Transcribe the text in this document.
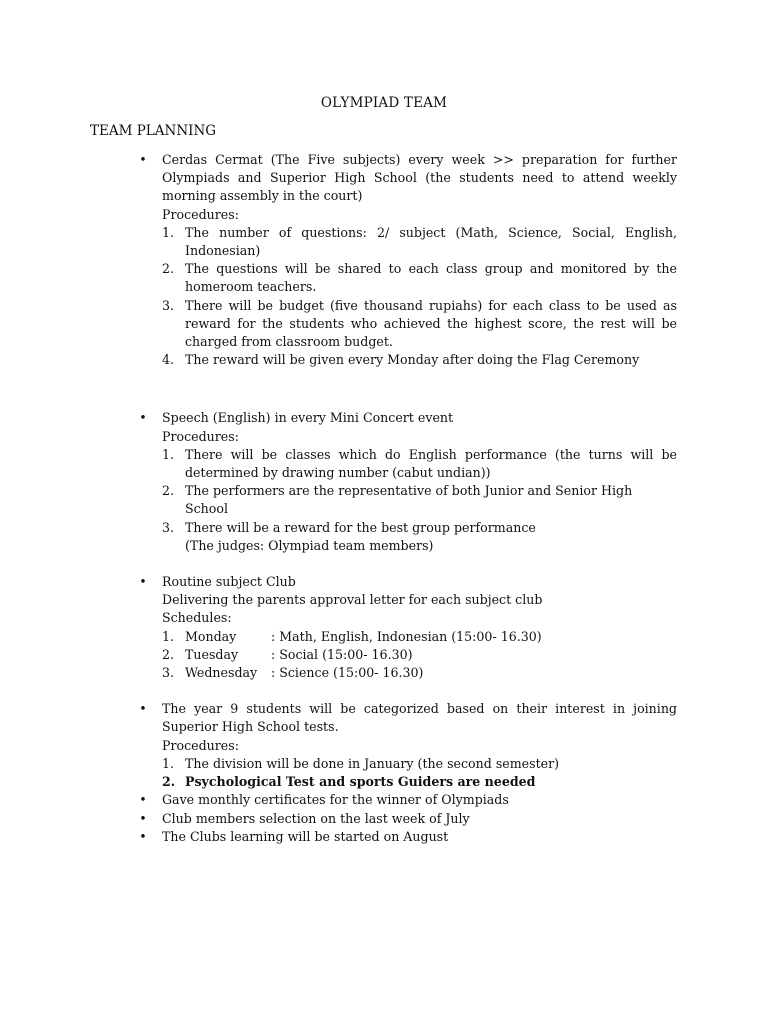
OLYMPIAD TEAM
TEAM PLANNING
• Cerdas Cermat (The Five subjects) every week >> preparation for further Olympiads and Superior High School (the students need to attend weekly morning assembly in the court)
Procedures:
1. The number of questions: 2/ subject (Math, Science, Social, English, Indonesian)
2. The questions will be shared to each class group and monitored by the homeroom teachers.
3. There will be budget (five thousand rupiahs) for each class to be used as reward for the students who achieved the highest score, the rest will be charged from classroom budget.
4. The reward will be given every Monday after doing the Flag Ceremony
• Speech (English) in every Mini Concert event
Procedures:
1. There will be classes which do English performance (the turns will be determined by drawing number (cabut undian))
2. The performers are the representative of both Junior and Senior High School
3. There will be a reward for the best group performance
(The judges: Olympiad team members)
• Routine subject Club
Delivering the parents approval letter for each subject club
Schedules:
1. Monday	: Math, English, Indonesian (15:00- 16.30)
2. Tuesday	: Social (15:00- 16.30)
3. Wednesday : Science (15:00- 16.30)
• The year 9 students will be categorized based on their interest in joining Superior High School tests.
Procedures:
1. The division will be done in January (the second semester)
2. Psychological Test and sports Guiders are needed
• Gave monthly certificates for the winner of Olympiads
• Club members selection on the last week of July
• The Clubs learning will be started on August
